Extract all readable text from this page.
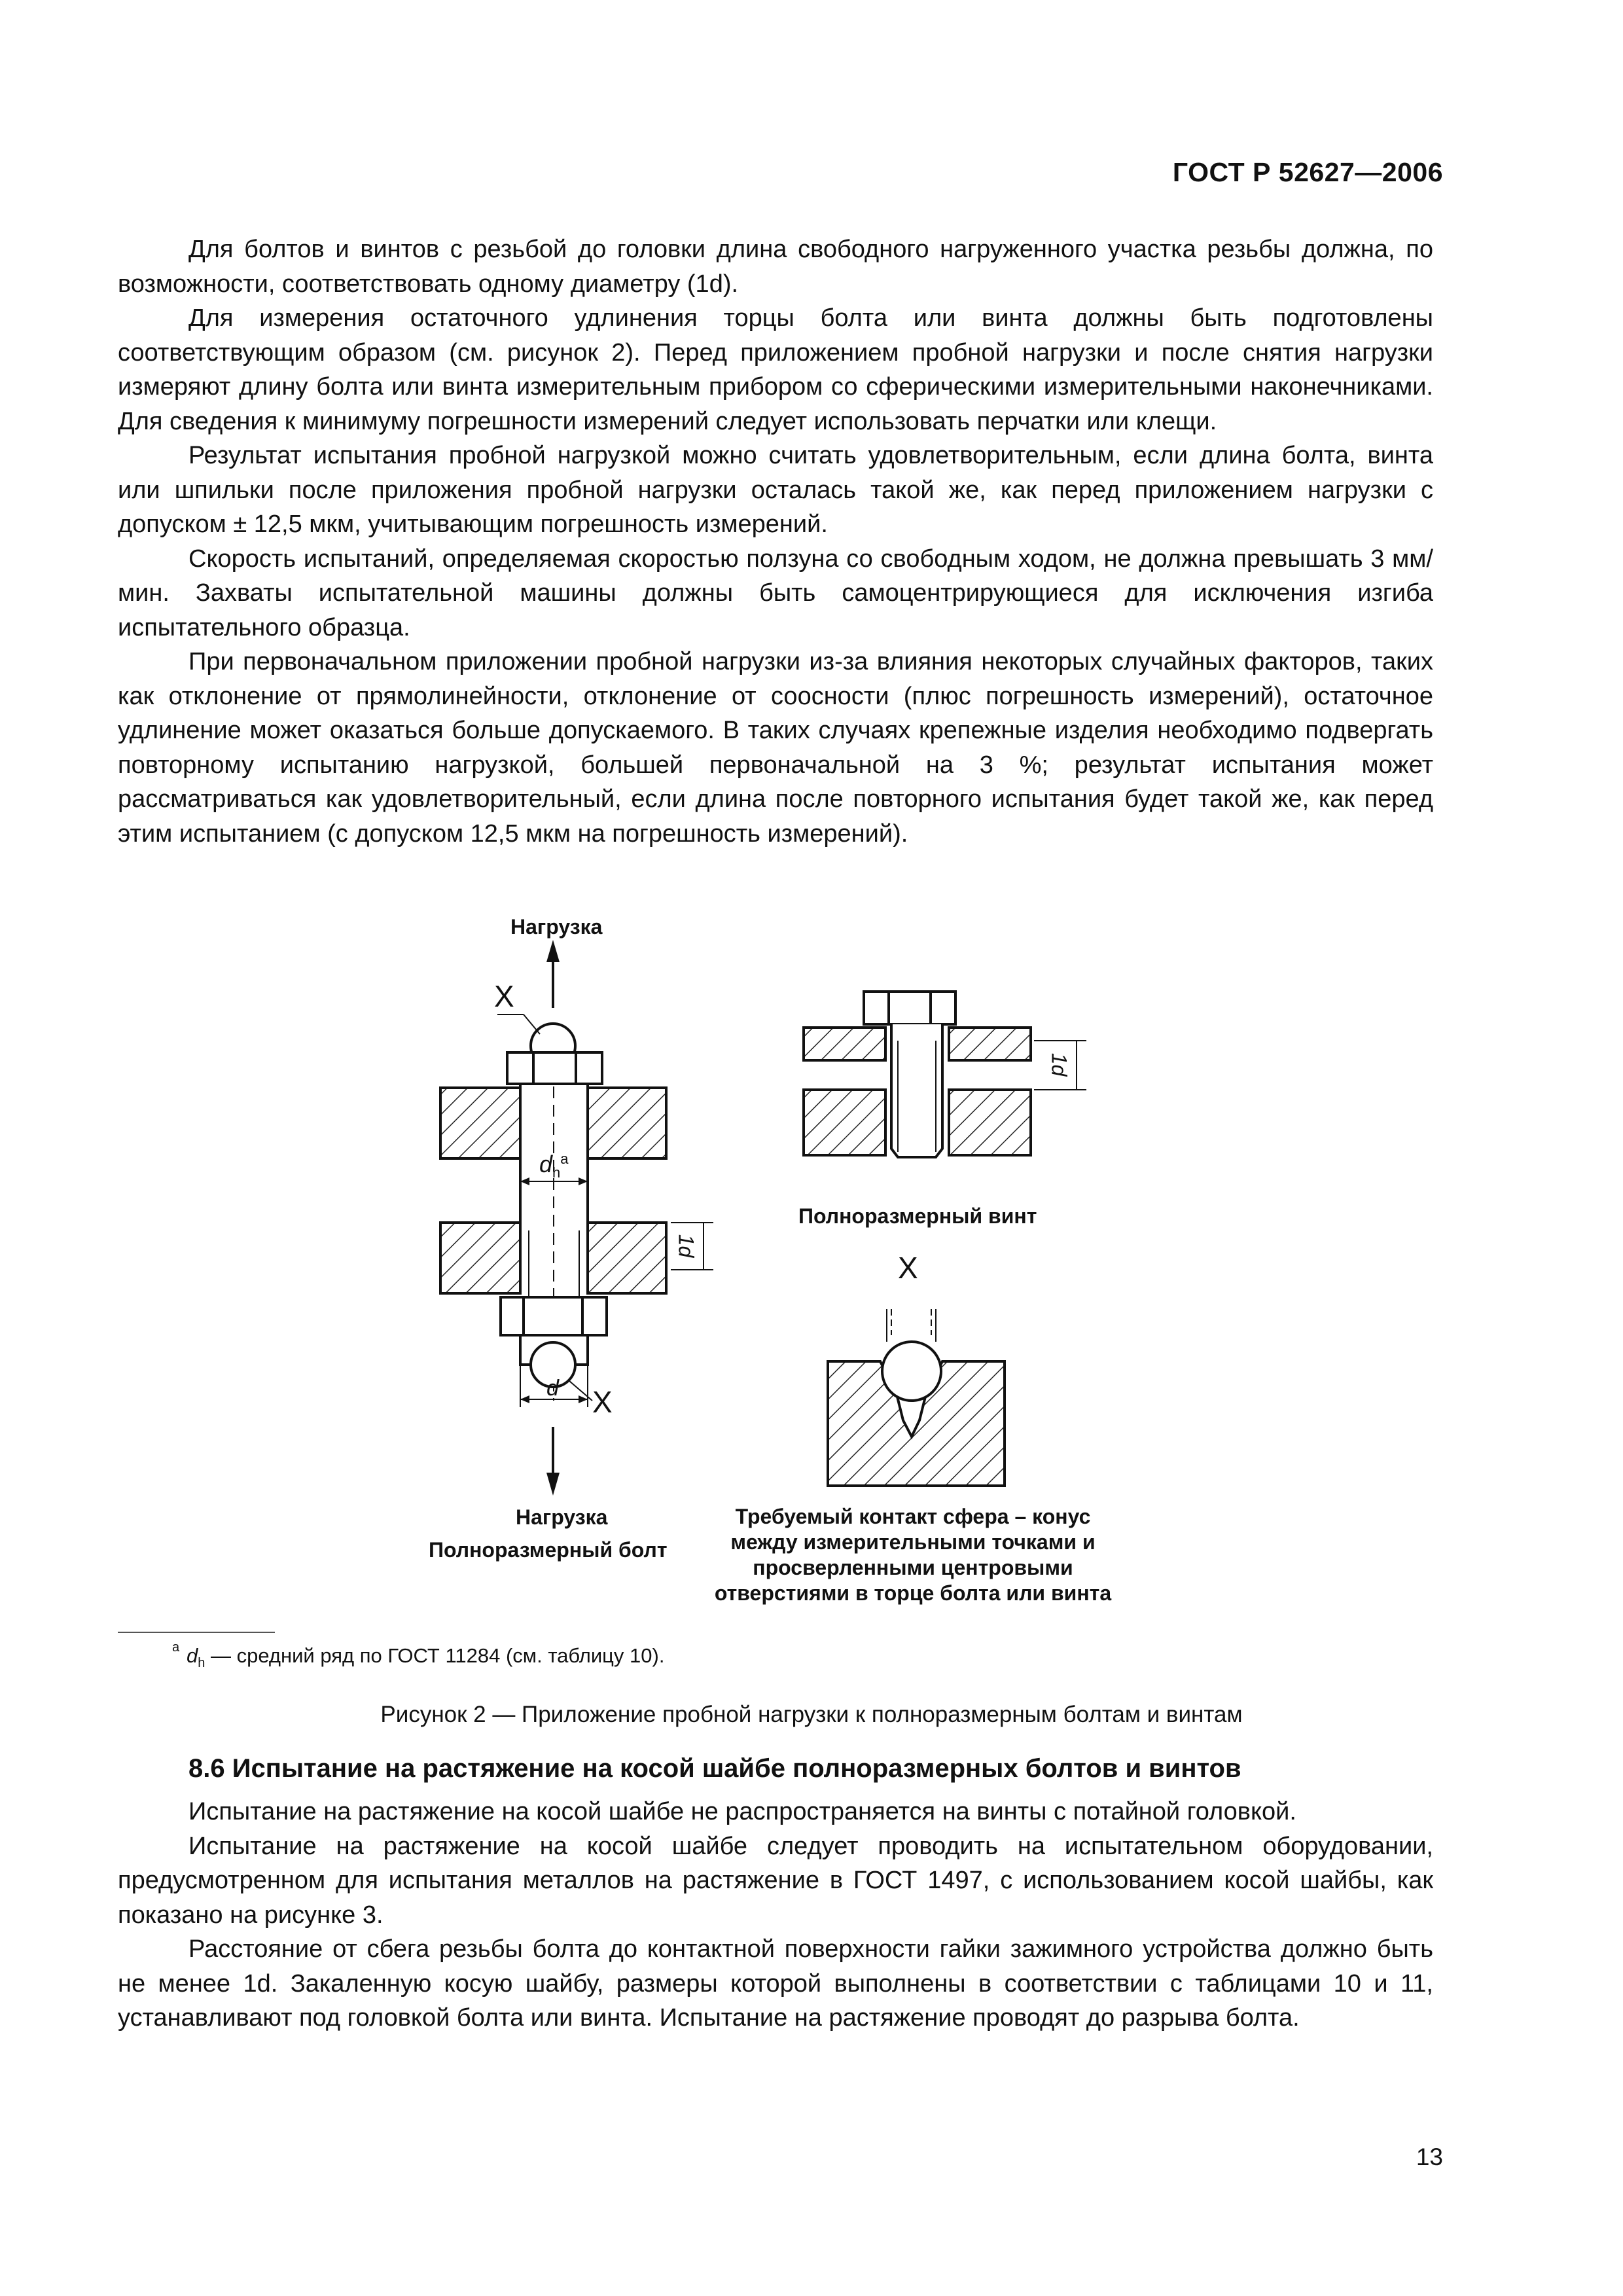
ГОСТ Р 52627—2006

Для болтов и винтов с резьбой до головки длина свободного нагруженного участка резьбы должна, по возможности, соответствовать одному диаметру (1d).

Для измерения остаточного удлинения торцы болта или винта должны быть подготовлены соответствующим образом (см. рисунок 2). Перед приложением пробной нагрузки и после снятия нагрузки измеряют длину болта или винта измерительным прибором со сферическими измерительными наконечниками. Для сведения к минимуму погрешности измерений следует использовать перчатки или клещи.

Результат испытания пробной нагрузкой можно считать удовлетворительным, если длина болта, винта или шпильки после приложения пробной нагрузки осталась такой же, как перед приложением нагрузки с допуском ± 12,5 мкм, учитывающим погрешность измерений.

Скорость испытаний, определяемая скоростью ползуна со свободным ходом, не должна превышать 3 мм/мин. Захваты испытательной машины должны быть самоцентрирующиеся для исключения изгиба испытательного образца.

При первоначальном приложении пробной нагрузки из-за влияния некоторых случайных факторов, таких как отклонение от прямолинейности, отклонение от соосности (плюс погрешность измерений), остаточное удлинение может оказаться больше допускаемого. В таких случаях крепежные изделия необходимо подвергать повторному испытанию нагрузкой, большей первоначальной на 3 %; результат испытания может рассматриваться как удовлетворительный, если длина после повторного испытания будет такой же, как перед этим испытанием (с допуском 12,5 мкм на погрешность измерений).

Нагрузка
X
X
X
$d_h^a$
d
1d
1d
Полноразмерный винт
Нагрузка
Полноразмерный болт
Требуемый контакт сфера – конус между измерительными точками и просверленными центровыми отверстиями в торце болта или винта
а $d_h$ — средний ряд по ГОСТ 11284 (см. таблицу 10).
Рисунок 2 — Приложение пробной нагрузки к полноразмерным болтам и винтам
8.6 Испытание на растяжение на косой шайбе полноразмерных болтов и винтов

Испытание на растяжение на косой шайбе не распространяется на винты с потайной головкой.

Испытание на растяжение на косой шайбе следует проводить на испытательном оборудовании, предусмотренном для испытания металлов на растяжение в ГОСТ 1497, с использованием косой шайбы, как показано на рисунке 3.

Расстояние от сбега резьбы болта до контактной поверхности гайки зажимного устройства должно быть не менее 1d. Закаленную косую шайбу, размеры которой выполнены в соответствии с таблицами 10 и 11, устанавливают под головкой болта или винта. Испытание на растяжение проводят до разрыва болта.

13
